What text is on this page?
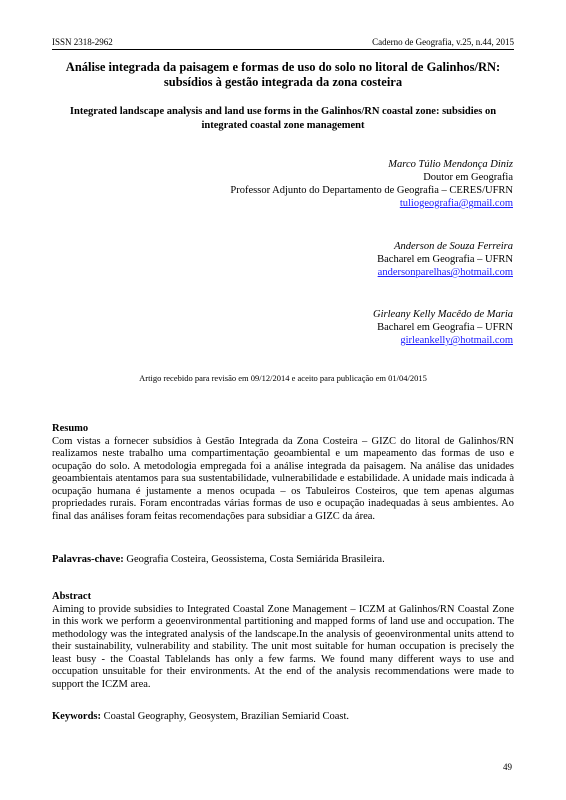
ISSN 2318-2962	Caderno de Geografia, v.25, n.44, 2015
Análise integrada da paisagem e formas de uso do solo no litoral de Galinhos/RN: subsídios à gestão integrada da zona costeira
Integrated landscape analysis and land use forms in the Galinhos/RN coastal zone: subsidies on integrated coastal zone management
Marco Túlio Mendonça Diniz
Doutor em Geografia
Professor Adjunto do Departamento de Geografia – CERES/UFRN
tuliogeografia@gmail.com
Anderson de Souza Ferreira
Bacharel em Geografia – UFRN
andersonparelhas@hotmail.com
Girleany Kelly Macêdo de Maria
Bacharel em Geografia – UFRN
girleankelly@hotmail.com
Artigo recebido para revisão em 09/12/2014 e aceito para publicação em 01/04/2015
Resumo
Com vistas a fornecer subsídios à Gestão Integrada da Zona Costeira – GIZC do litoral de Galinhos/RN realizamos neste trabalho uma compartimentação geoambiental e um mapeamento das formas de uso e ocupação do solo. A metodologia empregada foi a análise integrada da paisagem. Na análise das unidades geoambientais atentamos para sua sustentabilidade, vulnerabilidade e estabilidade. A unidade mais indicada à ocupação humana é justamente a menos ocupada – os Tabuleiros Costeiros, que tem apenas algumas propriedades rurais. Foram encontradas várias formas de uso e ocupação inadequadas à seus ambientes. Ao final das análises foram feitas recomendações para subsidiar a GIZC da área.
Palavras-chave: Geografia Costeira, Geossistema, Costa Semiárida Brasileira.
Abstract
Aiming to provide subsidies to Integrated Coastal Zone Management – ICZM at Galinhos/RN Coastal Zone in this work we perform a geoenvironmental partitioning and mapped forms of land use and occupation. The methodology was the integrated analysis of the landscape.In the analysis of geoenvironmental units attend to their sustainability, vulnerability and stability. The unit most suitable for human occupation is precisely the least busy - the Coastal Tablelands has only a few farms. We found many different ways to use and occupation unsuitable for their environments. At the end of the analysis recommendations were made to support the ICZM area.
Keywords: Coastal Geography, Geosystem, Brazilian Semiarid Coast.
49
